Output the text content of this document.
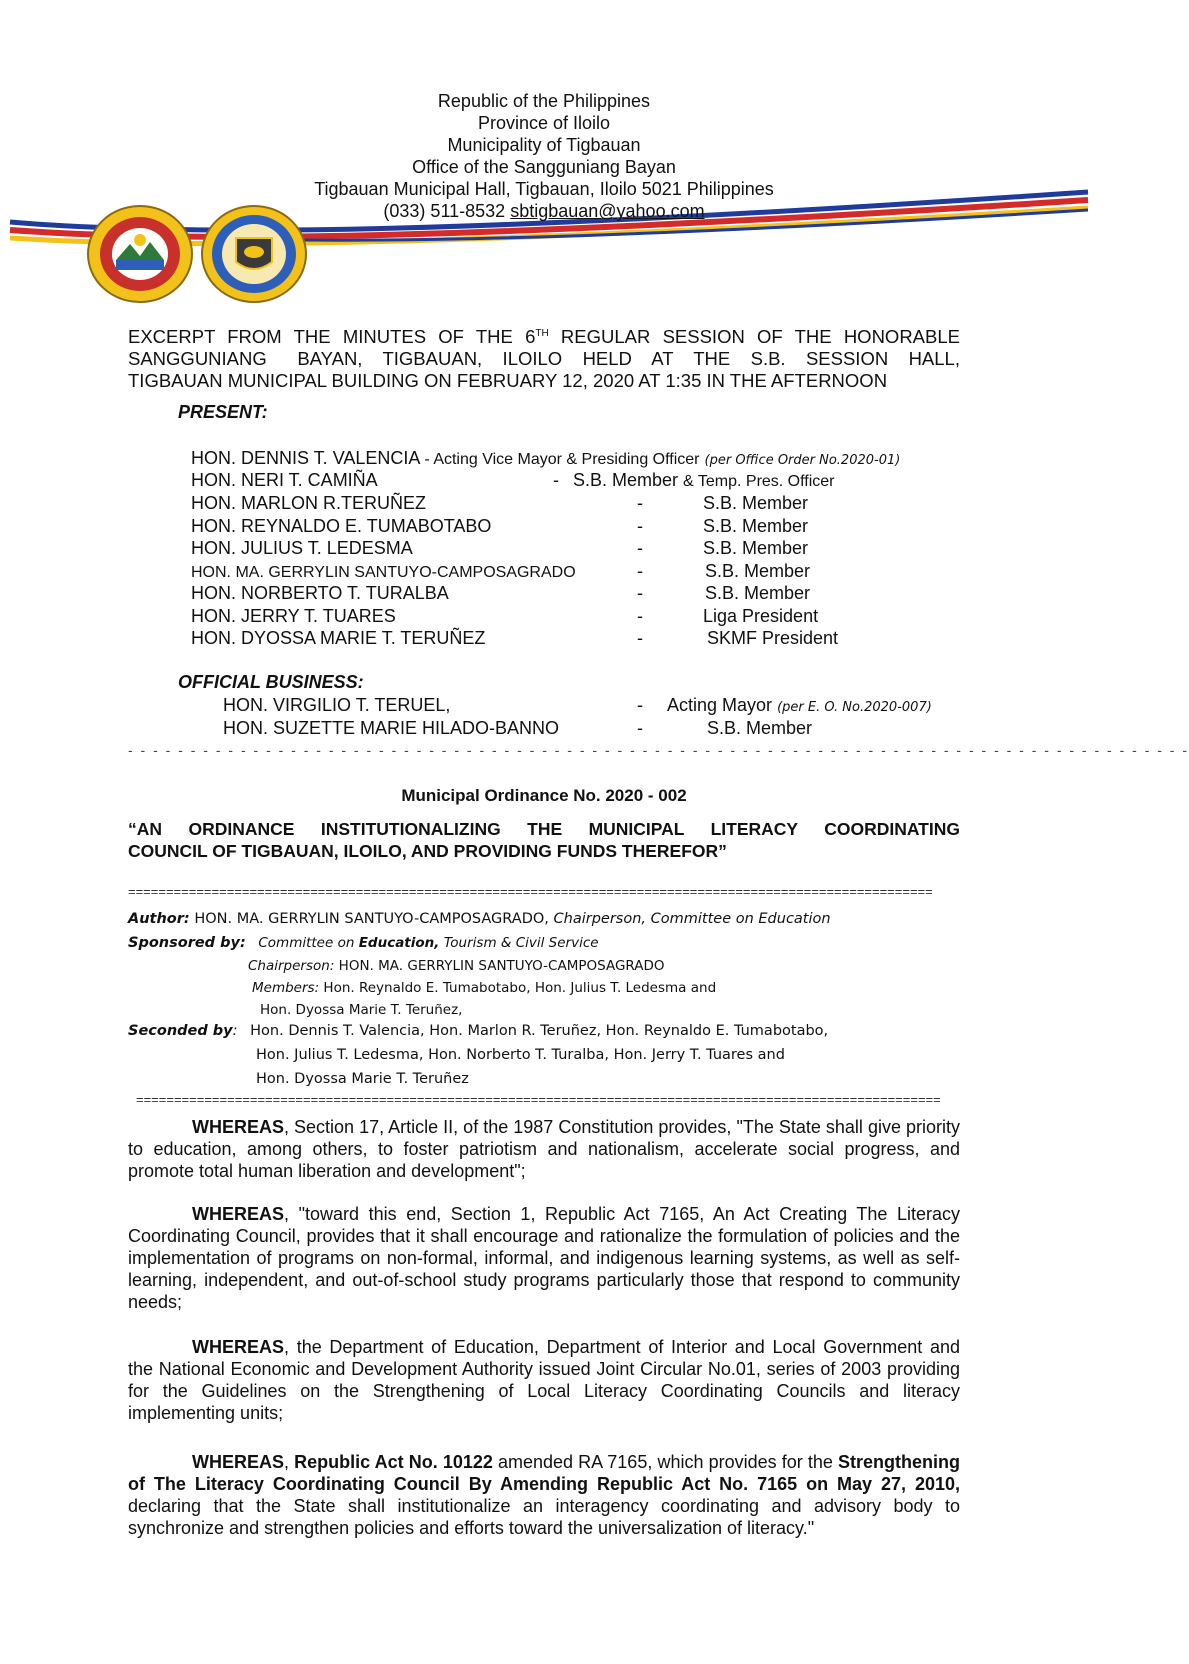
Republic of the Philippines
Province of Iloilo
Municipality of Tigbauan
Office of the Sangguniang Bayan
Tigbauan Municipal Hall, Tigbauan, Iloilo 5021 Philippines
(033) 511-8532 sbtigbauan@yahoo.com
EXCERPT FROM THE MINUTES OF THE 6TH REGULAR SESSION OF THE HONORABLE
SANGGUNIANG   BAYAN,  TIGBAUAN,  ILOILO  HELD  AT  THE  S.B.  SESSION  HALL,
TIGBAUAN MUNICIPAL BUILDING ON FEBRUARY 12, 2020 AT 1:35 IN THE AFTERNOON
PRESENT:
HON. DENNIS T. VALENCIA - Acting Vice Mayor & Presiding Officer (per Office Order No.2020-01)
HON. NERI T. CAMIÑA	- S.B. Member & Temp. Pres. Officer
HON. MARLON R.TERUÑEZ	-	S.B. Member
HON. REYNALDO E. TUMABOTABO	-	S.B. Member
HON. JULIUS T. LEDESMA	-	S.B. Member
HON. MA. GERRYLIN SANTUYO-CAMPOSAGRADO	-	S.B. Member
HON. NORBERTO T. TURALBA	-	S.B. Member
HON. JERRY T. TUARES	-	Liga President
HON. DYOSSA MARIE T. TERUÑEZ	-	SKMF President
OFFICIAL BUSINESS:
HON. VIRGILIO T. TERUEL,	- Acting Mayor (per E. O. No.2020-007)
HON. SUZETTE MARIE HILADO-BANNO	-	S.B. Member
- - - - - - - - - - - - - - - - - - - - - - - - - - - - - - - - - - - - - - - - - - - - - - - - - - - - - - - - - - - - - - - - - - - - - - - - - - - - - - - - - - - - -
Municipal Ordinance No. 2020 - 002
“AN  ORDINANCE  INSTITUTIONALIZING  THE  MUNICIPAL  LITERACY  COORDINATING
COUNCIL OF TIGBAUAN, ILOILO, AND PROVIDING FUNDS THEREFOR”
==========================================================================================================
Author: HON. MA. GERRYLIN SANTUYO-CAMPOSAGRADO, Chairperson, Committee on Education
Sponsored by: Committee on Education, Tourism & Civil Service
Chairperson: HON. MA. GERRYLIN SANTUYO-CAMPOSAGRADO
Members: Hon. Reynaldo E. Tumabotabo, Hon. Julius T. Ledesma and
Hon. Dyossa Marie T. Teruñez,
Seconded by: Hon. Dennis T. Valencia, Hon. Marlon R. Teruñez, Hon. Reynaldo E. Tumabotabo,
Hon. Julius T. Ledesma, Hon. Norberto T. Turalba, Hon. Jerry T. Tuares and
Hon. Dyossa Marie T. Teruñez
==========================================================================================================
WHEREAS, Section 17, Article II, of the 1987 Constitution provides, "The State shall give priority to education, among others, to foster patriotism and nationalism, accelerate social progress, and promote total human liberation and development";
WHEREAS, "toward this end, Section 1, Republic Act 7165, An Act Creating The Literacy Coordinating Council, provides that it shall encourage and rationalize the formulation of policies and the implementation of programs on non-formal, informal, and indigenous learning systems, as well as self-learning, independent, and out-of-school study programs particularly those that respond to community needs;
WHEREAS, the Department of Education, Department of Interior and Local Government and the National Economic and Development Authority issued Joint Circular No.01, series of 2003 providing for the Guidelines on the Strengthening of Local Literacy Coordinating Councils and literacy implementing units;
WHEREAS, Republic Act No. 10122 amended RA 7165, which provides for the Strengthening of The Literacy Coordinating Council By Amending Republic Act No. 7165 on May 27, 2010, declaring that the State shall institutionalize an interagency coordinating and advisory body to synchronize and strengthen policies and efforts toward the universalization of literacy."
